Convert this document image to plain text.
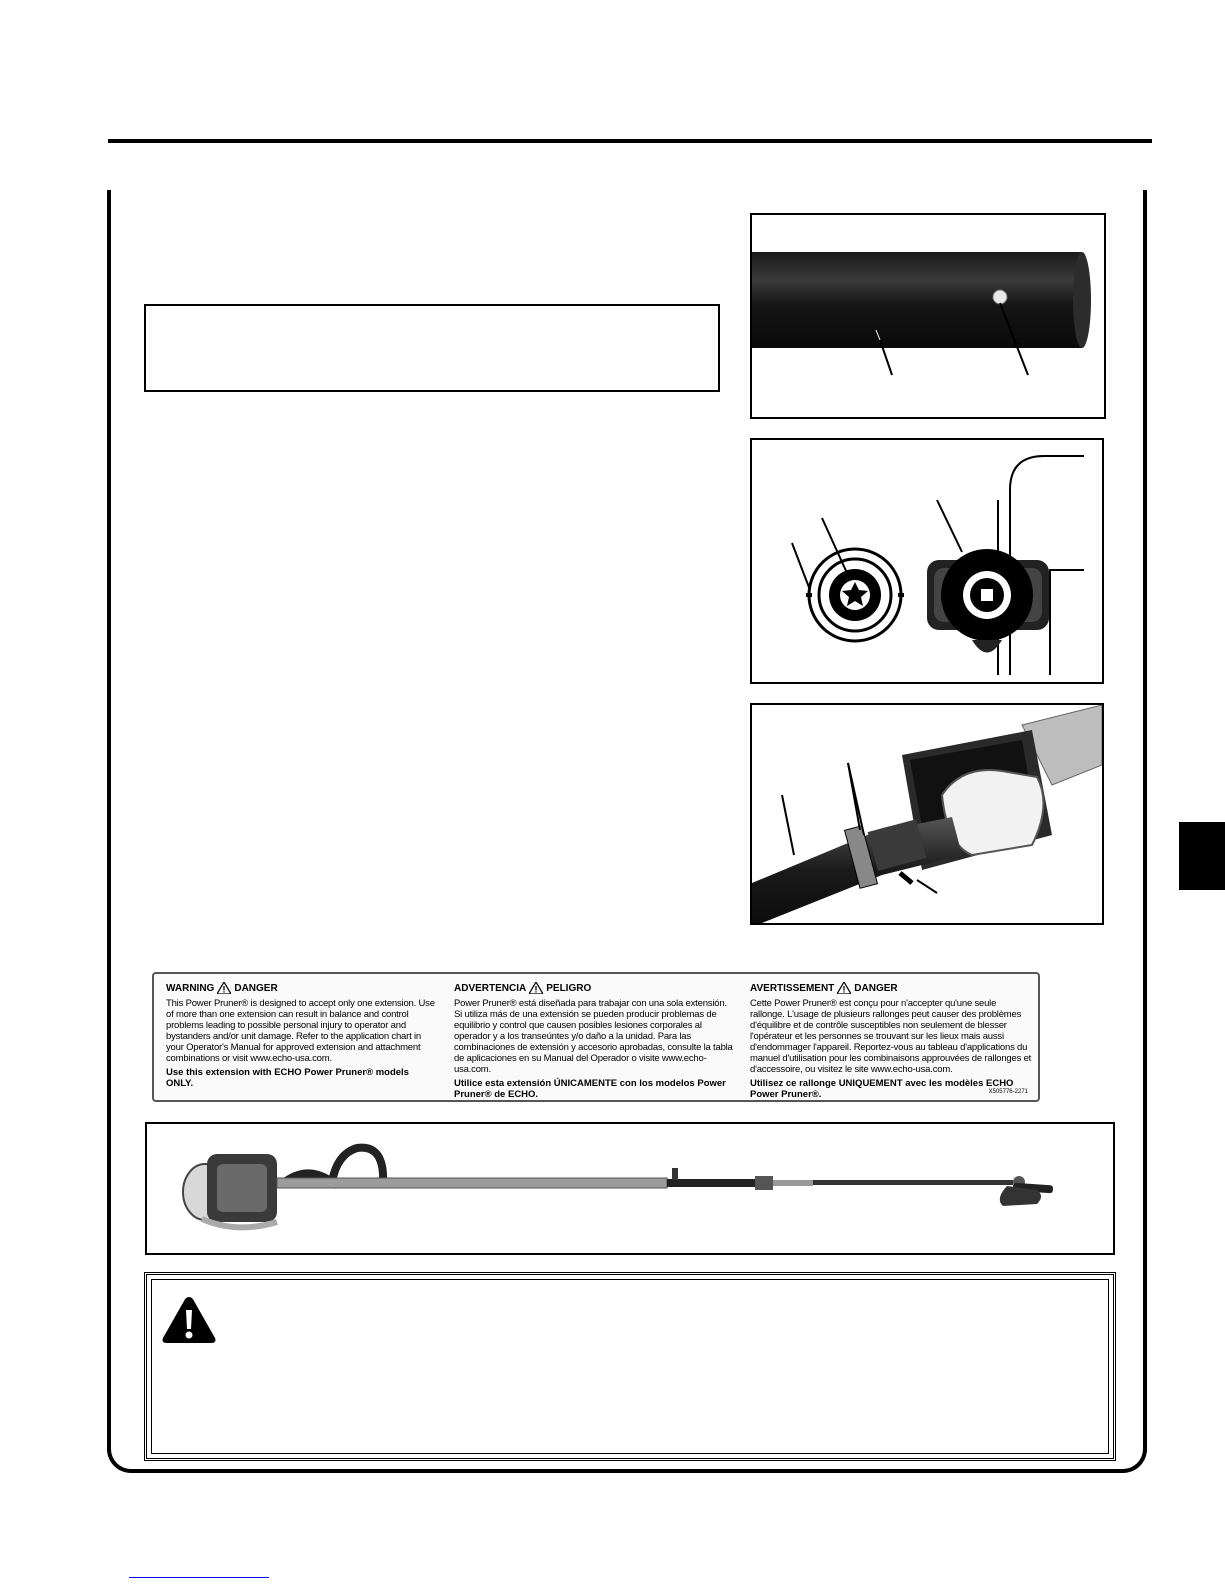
WARNING DANGER
This Power Pruner® is designed to accept only one extension. Use of more than one extension can result in balance and control problems leading to possible personal injury to operator and bystanders and/or unit damage. Refer to the application chart in your Operator's Manual for approved extension and attachment combinations or visit www.echo-usa.com.
Use this extension with ECHO Power Pruner® models ONLY.
ADVERTENCIA PELIGRO
Power Pruner® está diseñada para trabajar con una sola extensión. Si utiliza más de una extensión se pueden producir problemas de equilibrio y control que causen posibles lesiones corporales al operador y a los transeúntes y/o daño a la unidad. Para las combinaciones de extensión y accesorio aprobadas, consulte la tabla de aplicaciones en su Manual del Operador o visite www.echo-usa.com.
Utilice esta extensión ÚNICAMENTE con los modelos Power Pruner® de ECHO.
AVERTISSEMENT DANGER
Cette Power Pruner® est conçu pour n'accepter qu'une seule rallonge. L'usage de plusieurs rallonges peut causer des problèmes d'équilibre et de contrôle susceptibles non seulement de blesser l'opérateur et les personnes se trouvant sur les lieux mais aussi d'endommager l'appareil. Reportez-vous au tableau d'applications du manuel d'utilisation pour les combinaisons approuvées de rallonges et d'accessoire, ou visitez le site www.echo-usa.com.
Utilisez ce rallonge UNIQUEMENT avec les modèles ECHO Power Pruner®.	X505776-2271
